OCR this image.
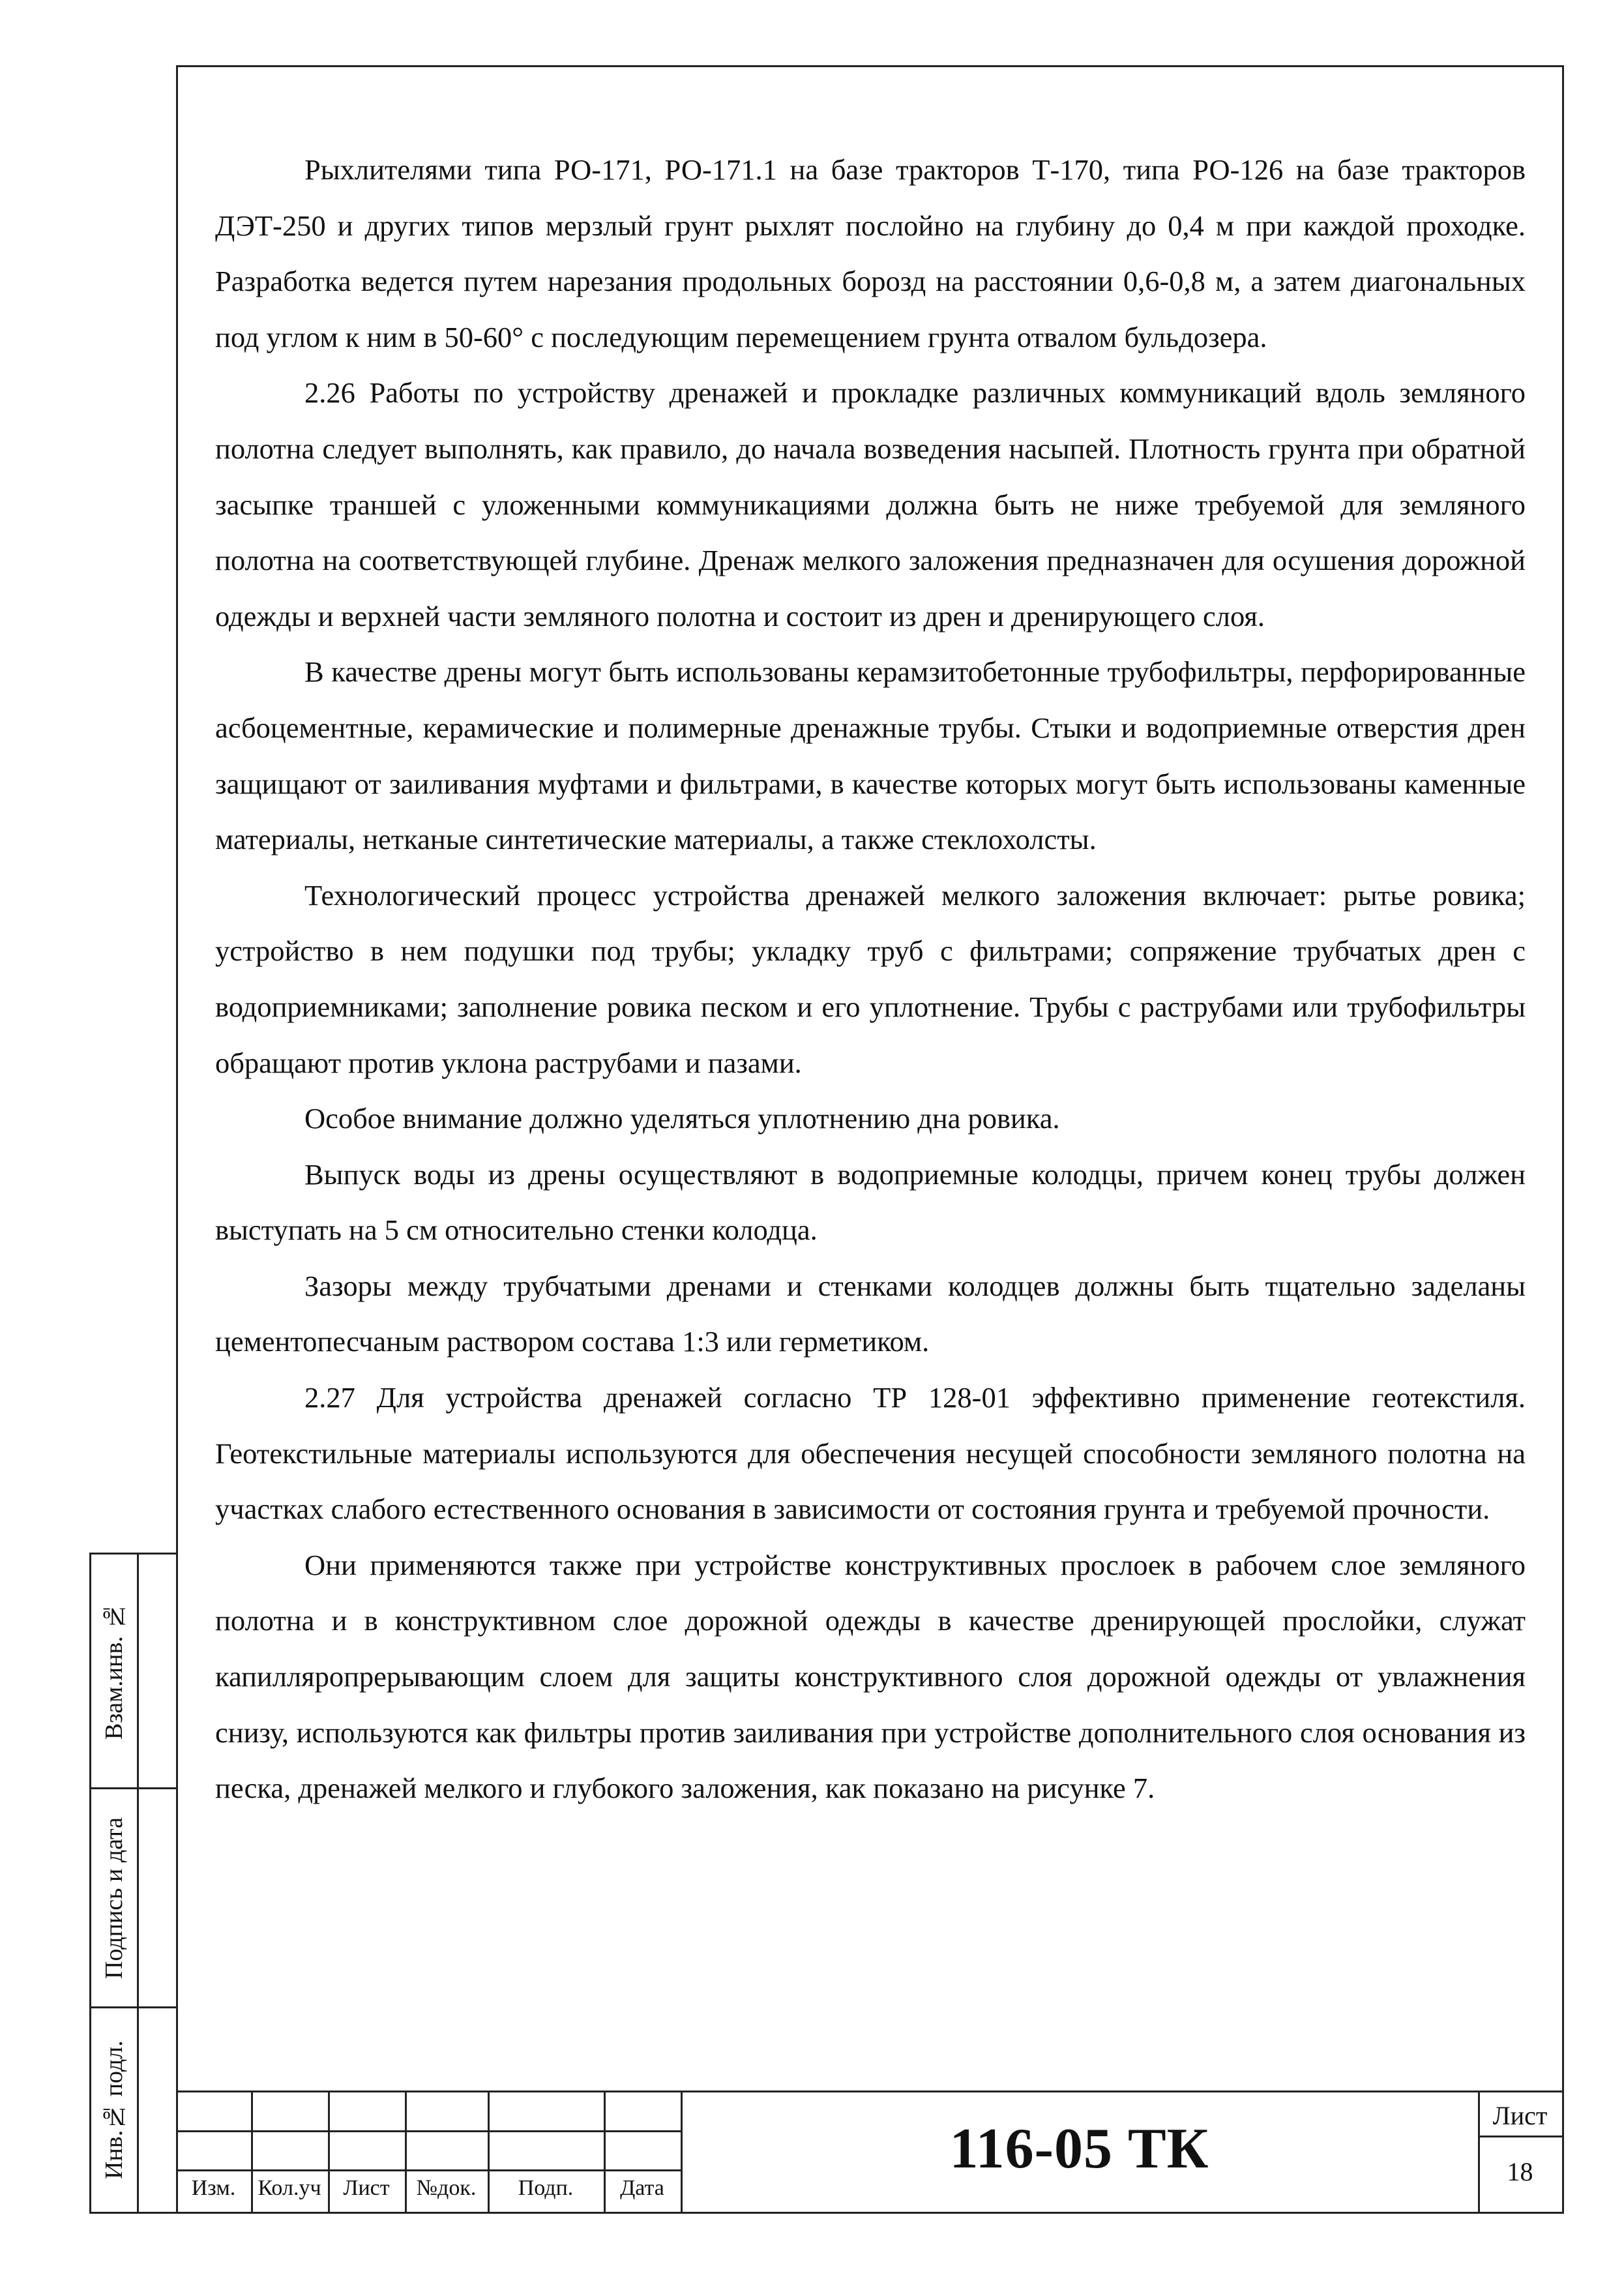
Рыхлителями типа РО-171, РО-171.1 на базе тракторов Т-170, типа РО-126 на базе тракторов ДЭТ-250 и других типов мерзлый грунт рыхлят послойно на глубину до 0,4 м при каждой проходке. Разработка ведется путем нарезания продольных борозд на расстоянии 0,6-0,8 м, а затем диагональных под углом к ним в 50-60° с последующим перемещением грунта отвалом бульдозера.

2.26 Работы по устройству дренажей и прокладке различных коммуникаций вдоль земляного полотна следует выполнять, как правило, до начала возведения насыпей. Плотность грунта при обратной засыпке траншей с уложенными коммуникациями должна быть не ниже требуемой для земляного полотна на соответствующей глубине. Дренаж мелкого заложения предназначен для осушения дорожной одежды и верхней части земляного полотна и состоит из дрен и дренирующего слоя.

В качестве дрены могут быть использованы керамзитобетонные трубофильтры, перфорированные асбоцементные, керамические и полимерные дренажные трубы. Стыки и водоприемные отверстия дрен защищают от заиливания муфтами и фильтрами, в качестве которых могут быть использованы каменные материалы, нетканые синтетические материалы, а также стеклохолсты.

Технологический процесс устройства дренажей мелкого заложения включает: рытье ровика; устройство в нем подушки под трубы; укладку труб с фильтрами; сопряжение трубчатых дрен с водоприемниками; заполнение ровика песком и его уплотнение. Трубы с раструбами или трубофильтры обращают против уклона раструбами и пазами.

Особое внимание должно уделяться уплотнению дна ровика.

Выпуск воды из дрены осуществляют в водоприемные колодцы, причем конец трубы должен выступать на 5 см относительно стенки колодца.

Зазоры между трубчатыми дренами и стенками колодцев должны быть тщательно заделаны цементопесчаным раствором состава 1:3 или герметиком.

2.27 Для устройства дренажей согласно ТР 128-01 эффективно применение геотекстиля. Геотекстильные материалы используются для обеспечения несущей способности земляного полотна на участках слабого естественного основания в зависимости от состояния грунта и требуемой прочности.

Они применяются также при устройстве конструктивных прослоек в рабочем слое земляного полотна и в конструктивном слое дорожной одежды в качестве дренирующей прослойки, служат капилляропрерывающим слоем для защиты конструктивного слоя дорожной одежды от увлажнения снизу, используются как фильтры против заиливания при устройстве дополнительного слоя основания из песка, дренажей мелкого и глубокого заложения, как показано на рисунке 7.

Взам.инв. №
Подпись и дата
Инв.№ подл.
Изм.	Кол.уч Лист	№док.	Подп.	Дата
116-05 ТК
Лист
18
